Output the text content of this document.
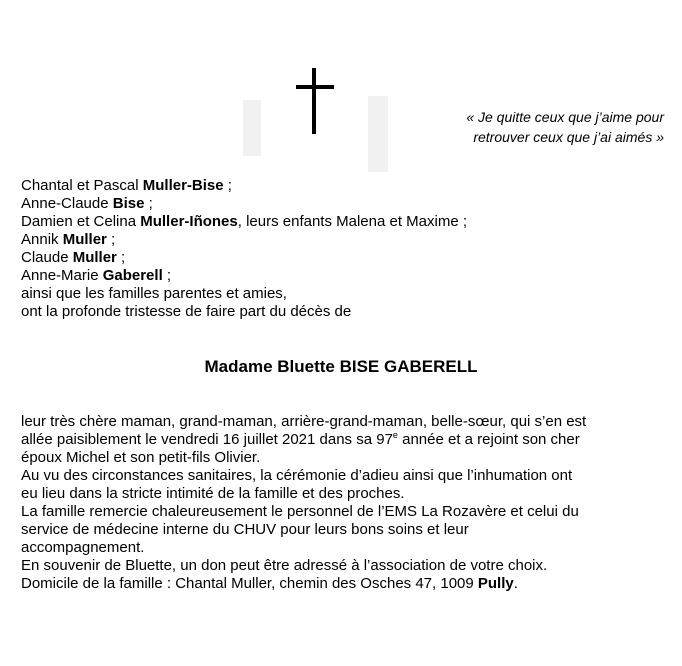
« Je quitte ceux que j’aime pour
retrouver ceux que j’ai aimés »
Chantal et Pascal Muller-Bise ;
Anne-Claude Bise ;
Damien et Celina Muller-Iñones, leurs enfants Malena et Maxime ;
Annik Muller ;
Claude Muller ;
Anne-Marie Gaberell ;
ainsi que les familles parentes et amies,
ont la profonde tristesse de faire part du décès de
Madame Bluette BISE GABERELL
leur très chère maman, grand-maman, arrière-grand-maman, belle-sœur, qui s’en est
allée paisiblement le vendredi 16 juillet 2021 dans sa 97e année et a rejoint son cher
époux Michel et son petit-fils Olivier.
Au vu des circonstances sanitaires, la cérémonie d’adieu ainsi que l’inhumation ont
eu lieu dans la stricte intimité de la famille et des proches.
La famille remercie chaleureusement le personnel de l’EMS La Rozavère et celui du
service de médecine interne du CHUV pour leurs bons soins et leur
accompagnement.
En souvenir de Bluette, un don peut être adressé à l’association de votre choix.
Domicile de la famille : Chantal Muller, chemin des Osches 47, 1009 Pully.
